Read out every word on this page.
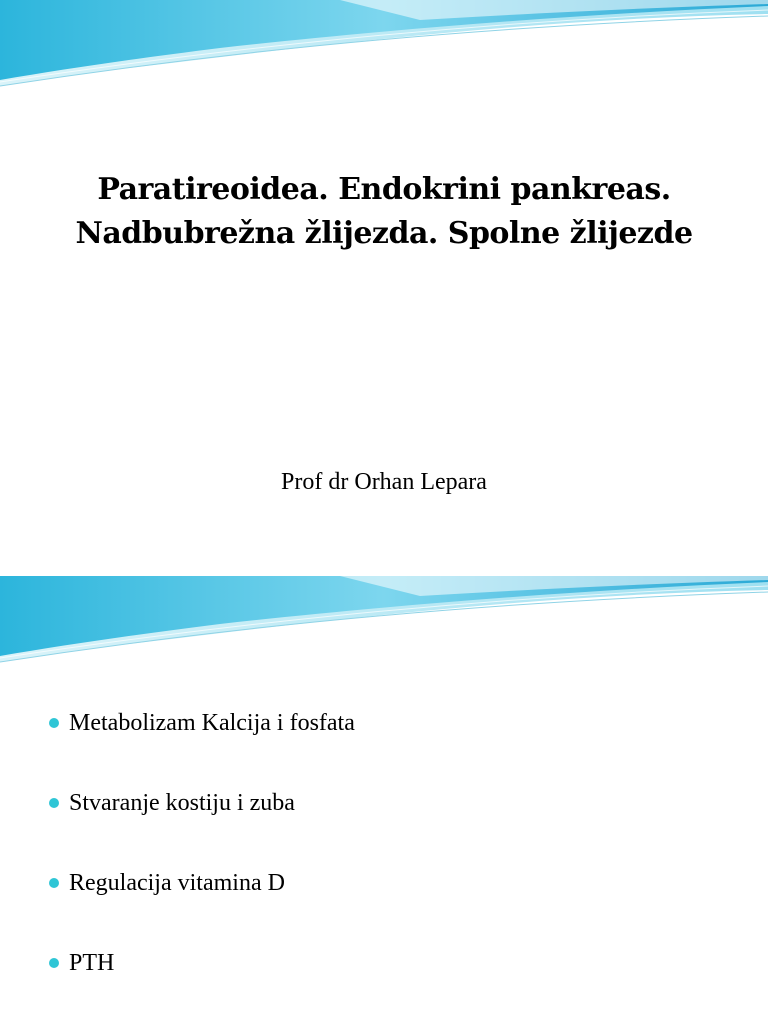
Paratireoidea. Endokrini pankreas. Nadbubrežna žlijezda. Spolne žlijezde

Prof dr Orhan Lepara

Metabolizam Kalcija i fosfata
Stvaranje kostiju i zuba
Regulacija vitamina D
PTH
